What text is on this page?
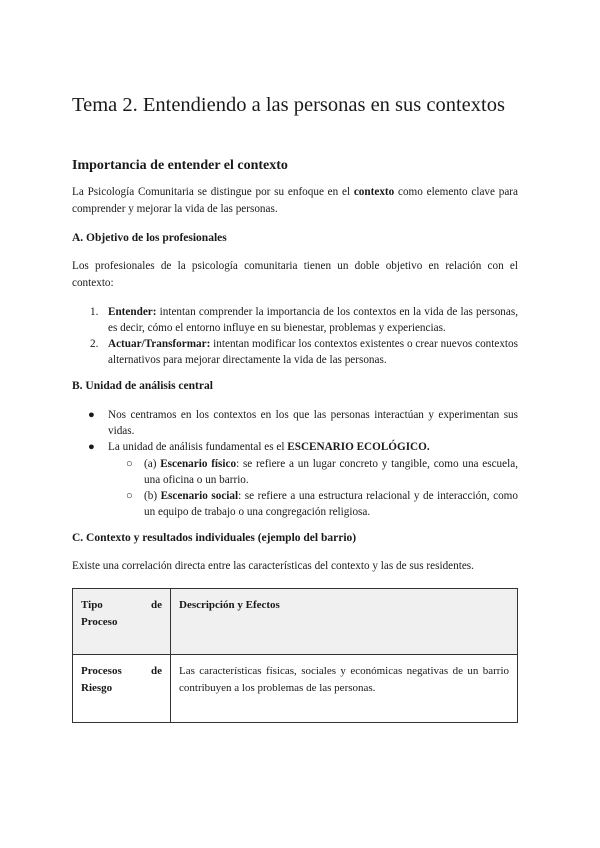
Tema 2. Entendiendo a las personas en sus contextos
Importancia de entender el contexto

La Psicología Comunitaria se distingue por su enfoque en el contexto como elemento clave para comprender y mejorar la vida de las personas.

A. Objetivo de los profesionales

Los profesionales de la psicología comunitaria tienen un doble objetivo en relación con el contexto:

1. Entender: intentan comprender la importancia de los contextos en la vida de las personas, es decir, cómo el entorno influye en su bienestar, problemas y experiencias.
2. Actuar/Transformar: intentan modificar los contextos existentes o crear nuevos contextos alternativos para mejorar directamente la vida de las personas.
B. Unidad de análisis central
● Nos centramos en los contextos en los que las personas interactúan y experimentan sus vidas.
● La unidad de análisis fundamental es el ESCENARIO ECOLÓGICO.
○ (a) Escenario físico: se refiere a un lugar concreto y tangible, como una escuela, una oficina o un barrio.
○ (b) Escenario social: se refiere a una estructura relacional y de interacción, como un equipo de trabajo o una congregación religiosa.
C. Contexto y resultados individuales (ejemplo del barrio)

Existe una correlación directa entre las características del contexto y las de sus residentes.

Tipo de
Proceso	Descripción y Efectos

Procesos de
Riesgo	Las características físicas, sociales y económicas negativas de un barrio contribuyen a los problemas de las personas.
